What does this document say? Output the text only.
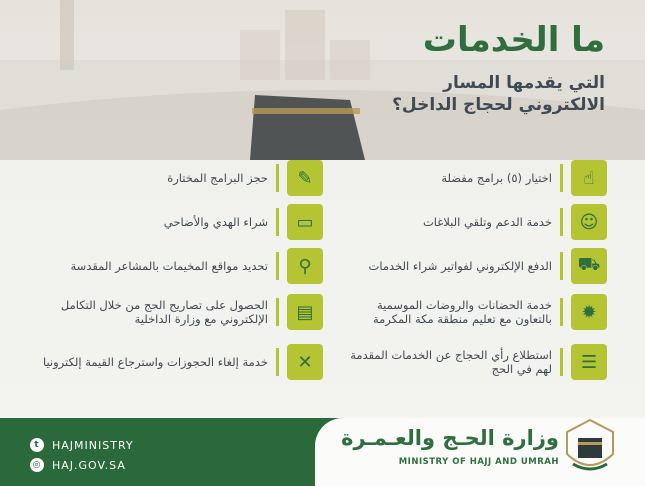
ما الخدمات
التي يقدمها المسار
الالكتروني لحجاج الداخل؟
☝
اختيار (٥) برامج مفضلة
☺
خدمة الدعم وتلقي البلاغات
⛟
الدفع الإلكتروني لفواتير شراء الخدمات
✹
خدمة الحضانات والروضات الموسمية بالتعاون مع تعليم منطقة مكة المكرمة
☰
استطلاع رأي الحجاج عن الخدمات المقدمة لهم في الحج
✎
حجز البرامج المختارة
▭
شراء الهدي والأضاحي
⚲
تحديد مواقع المخيمات بالمشاعر المقدسة
▤
الحصول على تصاريح الحج من خلال التكامل الإلكتروني مع وزارة الداخلية
✕
خدمة إلغاء الحجوزات واسترجاع القيمة إلكترونيا
t	HAJMINISTRY
◎ HAJ.GOV.SA
وزارة الحـج والعـمـرة
MINISTRY OF HAJJ AND UMRAH
